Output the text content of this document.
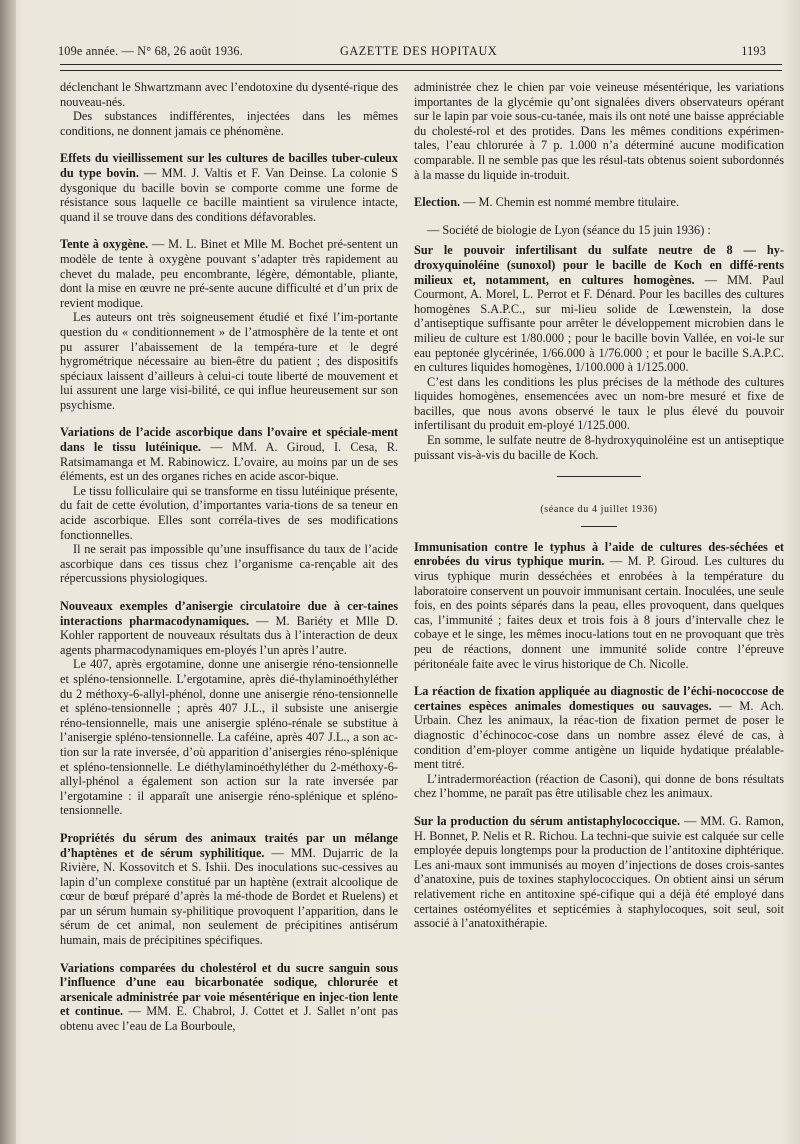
109e année. — N° 68, 26 août 1936.	GAZETTE DES HOPITAUX	1193

déclenchant le Shwartzmann avec l’endotoxine du dysenté-rique des nouveau-nés.

Des substances indifférentes, injectées dans les mêmes conditions, ne donnent jamais ce phénomène.

Effets du vieillissement sur les cultures de bacilles tuber-culeux du type bovin. — MM. J. Valtis et F. Van Deinse. La colonie S dysgonique du bacille bovin se comporte comme une forme de résistance sous laquelle ce bacille maintient sa virulence intacte, quand il se trouve dans des conditions défavorables.

Tente à oxygène. — M. L. Binet et Mlle M. Bochet pré-sentent un modèle de tente à oxygène pouvant s’adapter très rapidement au chevet du malade, peu encombrante, légère, démontable, pliante, dont la mise en œuvre ne pré-sente aucune difficulté et d’un prix de revient modique.

Les auteurs ont très soigneusement étudié et fixé l’im-portante question du « conditionnement » de l’atmosphère de la tente et ont pu assurer l’abaissement de la tempéra-ture et le degré hygrométrique nécessaire au bien-être du patient ; des dispositifs spéciaux laissent d’ailleurs à celui-ci toute liberté de mouvement et lui assurent une large visi-bilité, ce qui influe heureusement sur son psychisme.

Variations de l’acide ascorbique dans l’ovaire et spéciale-ment dans le tissu lutéinique. — MM. A. Giroud, I. Cesa, R. Ratsimamanga et M. Rabinowicz. L’ovaire, au moins par un de ses éléments, est un des organes riches en acide ascor-bique.

Le tissu folliculaire qui se transforme en tissu lutéinique présente, du fait de cette évolution, d’importantes varia-tions de sa teneur en acide ascorbique. Elles sont corréla-tives de ses modifications fonctionnelles.

Il ne serait pas impossible qu’une insuffisance du taux de l’acide ascorbique dans ces tissus chez l’organisme ca-rençable ait des répercussions physiologiques.

Nouveaux exemples d’anisergie circulatoire due à cer-taines interactions pharmacodynamiques. — M. Bariéty et Mlle D. Kohler rapportent de nouveaux résultats dus à l’interaction de deux agents pharmacodynamiques em-ployés l’un après l’autre.

Le 407, après ergotamine, donne une anisergie réno-tensionnelle et spléno-tensionnelle. L’ergotamine, après dié-thylaminoéthyléther du 2 méthoxy-6-allyl-phénol, donne une anisergie réno-tensionnelle et spléno-tensionnelle ; après 407 J.L., il subsiste une anisergie réno-tensionnelle, mais une anisergie spléno-rénale se substitue à l’anisergie spléno-tensionnelle. La caféine, après 407 J.L., a son ac-tion sur la rate inversée, d’où apparition d’anisergies réno-splénique et spléno-tensionnelle. Le diéthylaminoéthyléther du 2-méthoxy-6-allyl-phénol a également son action sur la rate inversée par l’ergotamine : il apparaît une anisergie réno-splénique et spléno-tensionnelle.

Propriétés du sérum des animaux traités par un mélange d’haptènes et de sérum syphilitique. — MM. Dujarric de la Rivière, N. Kossovitch et S. Ishii. Des inoculations suc-cessives au lapin d’un complexe constitué par un haptène (extrait alcoolique de cœur de bœuf préparé d’après la mé-thode de Bordet et Ruelens) et par un sérum humain sy-philitique provoquent l’apparition, dans le sérum de cet animal, non seulement de précipitines antisérum humain, mais de précipitines spécifiques.

Variations comparées du cholestérol et du sucre sanguin sous l’influence d’une eau bicarbonatée sodique, chlorurée et arsenicale administrée par voie mésentérique en injec-tion lente et continue. — MM. E. Chabrol, J. Cottet et J. Sallet n’ont pas obtenu avec l’eau de La Bourboule,

administrée chez le chien par voie veineuse mésentérique, les variations importantes de la glycémie qu’ont signalées divers observateurs opérant sur le lapin par voie sous-cu-tanée, mais ils ont noté une baisse appréciable du cholesté-rol et des protides. Dans les mêmes conditions expérimen-tales, l’eau chlorurée à 7 p. 1.000 n’a déterminé aucune modification comparable. Il ne semble pas que les résul-tats obtenus soient subordonnés à la masse du liquide in-troduit.

Election. — M. Chemin est nommé membre titulaire.

— Société de biologie de Lyon (séance du 15 juin 1936) :

Sur le pouvoir infertilisant du sulfate neutre de 8 — hy-droxyquinoléine (sunoxol) pour le bacille de Koch en diffé-rents milieux et, notamment, en cultures homogènes. — MM. Paul Courmont, A. Morel, L. Perrot et F. Dénard. Pour les bacilles des cultures homogènes S.A.P.C., sur mi-lieu solide de Lœwenstein, la dose d’antiseptique suffisante pour arrêter le développement microbien dans le milieu de culture est 1/80.000 ; pour le bacille bovin Vallée, en voi-le sur eau peptonée glycérinée, 1/66.000 à 1/76.000 ; et pour le bacille S.A.P.C. en cultures liquides homogènes, 1/100.000 à 1/125.000.

C’est dans les conditions les plus précises de la méthode des cultures liquides homogènes, ensemencées avec un nom-bre mesuré et fixe de bacilles, que nous avons observé le taux le plus élevé du pouvoir infertilisant du produit em-ployé 1/125.000.

En somme, le sulfate neutre de 8-hydroxyquinoléine est un antiseptique puissant vis-à-vis du bacille de Koch.

(séance du 4 juillet 1936)

Immunisation contre le typhus à l’aide de cultures des-séchées et enrobées du virus typhique murin. — M. P. Giroud. Les cultures du virus typhique murin desséchées et enrobées à la température du laboratoire conservent un pouvoir immunisant certain. Inoculées, une seule fois, en des points séparés dans la peau, elles provoquent, dans quelques cas, l’immunité ; faites deux et trois fois à 8 jours d’intervalle chez le cobaye et le singe, les mêmes inocu-lations tout en ne provoquant que très peu de réactions, donnent une immunité solide contre l’épreuve péritonéale faite avec le virus historique de Ch. Nicolle.

La réaction de fixation appliquée au diagnostic de l’échi-nococcose de certaines espèces animales domestiques ou sauvages. — M. Ach. Urbain. Chez les animaux, la réac-tion de fixation permet de poser le diagnostic d’échinococ-cose dans un nombre assez élevé de cas, à condition d’em-ployer comme antigène un liquide hydatique préalable-ment titré.

L’intradermoréaction (réaction de Casoni), qui donne de bons résultats chez l’homme, ne paraît pas être utilisable chez les animaux.

Sur la production du sérum antistaphylococcique. — MM. G. Ramon, H. Bonnet, P. Nelis et R. Richou. La techni-que suivie est calquée sur celle employée depuis longtemps pour la production de l’antitoxine diphtérique. Les ani-maux sont immunisés au moyen d’injections de doses crois-santes d’anatoxine, puis de toxines staphylococciques. On obtient ainsi un sérum relativement riche en antitoxine spé-cifique qui a déjà été employé dans certaines ostéomyélites et septicémies à staphylocoques, soit seul, soit associé à l’anatoxithérapie.
